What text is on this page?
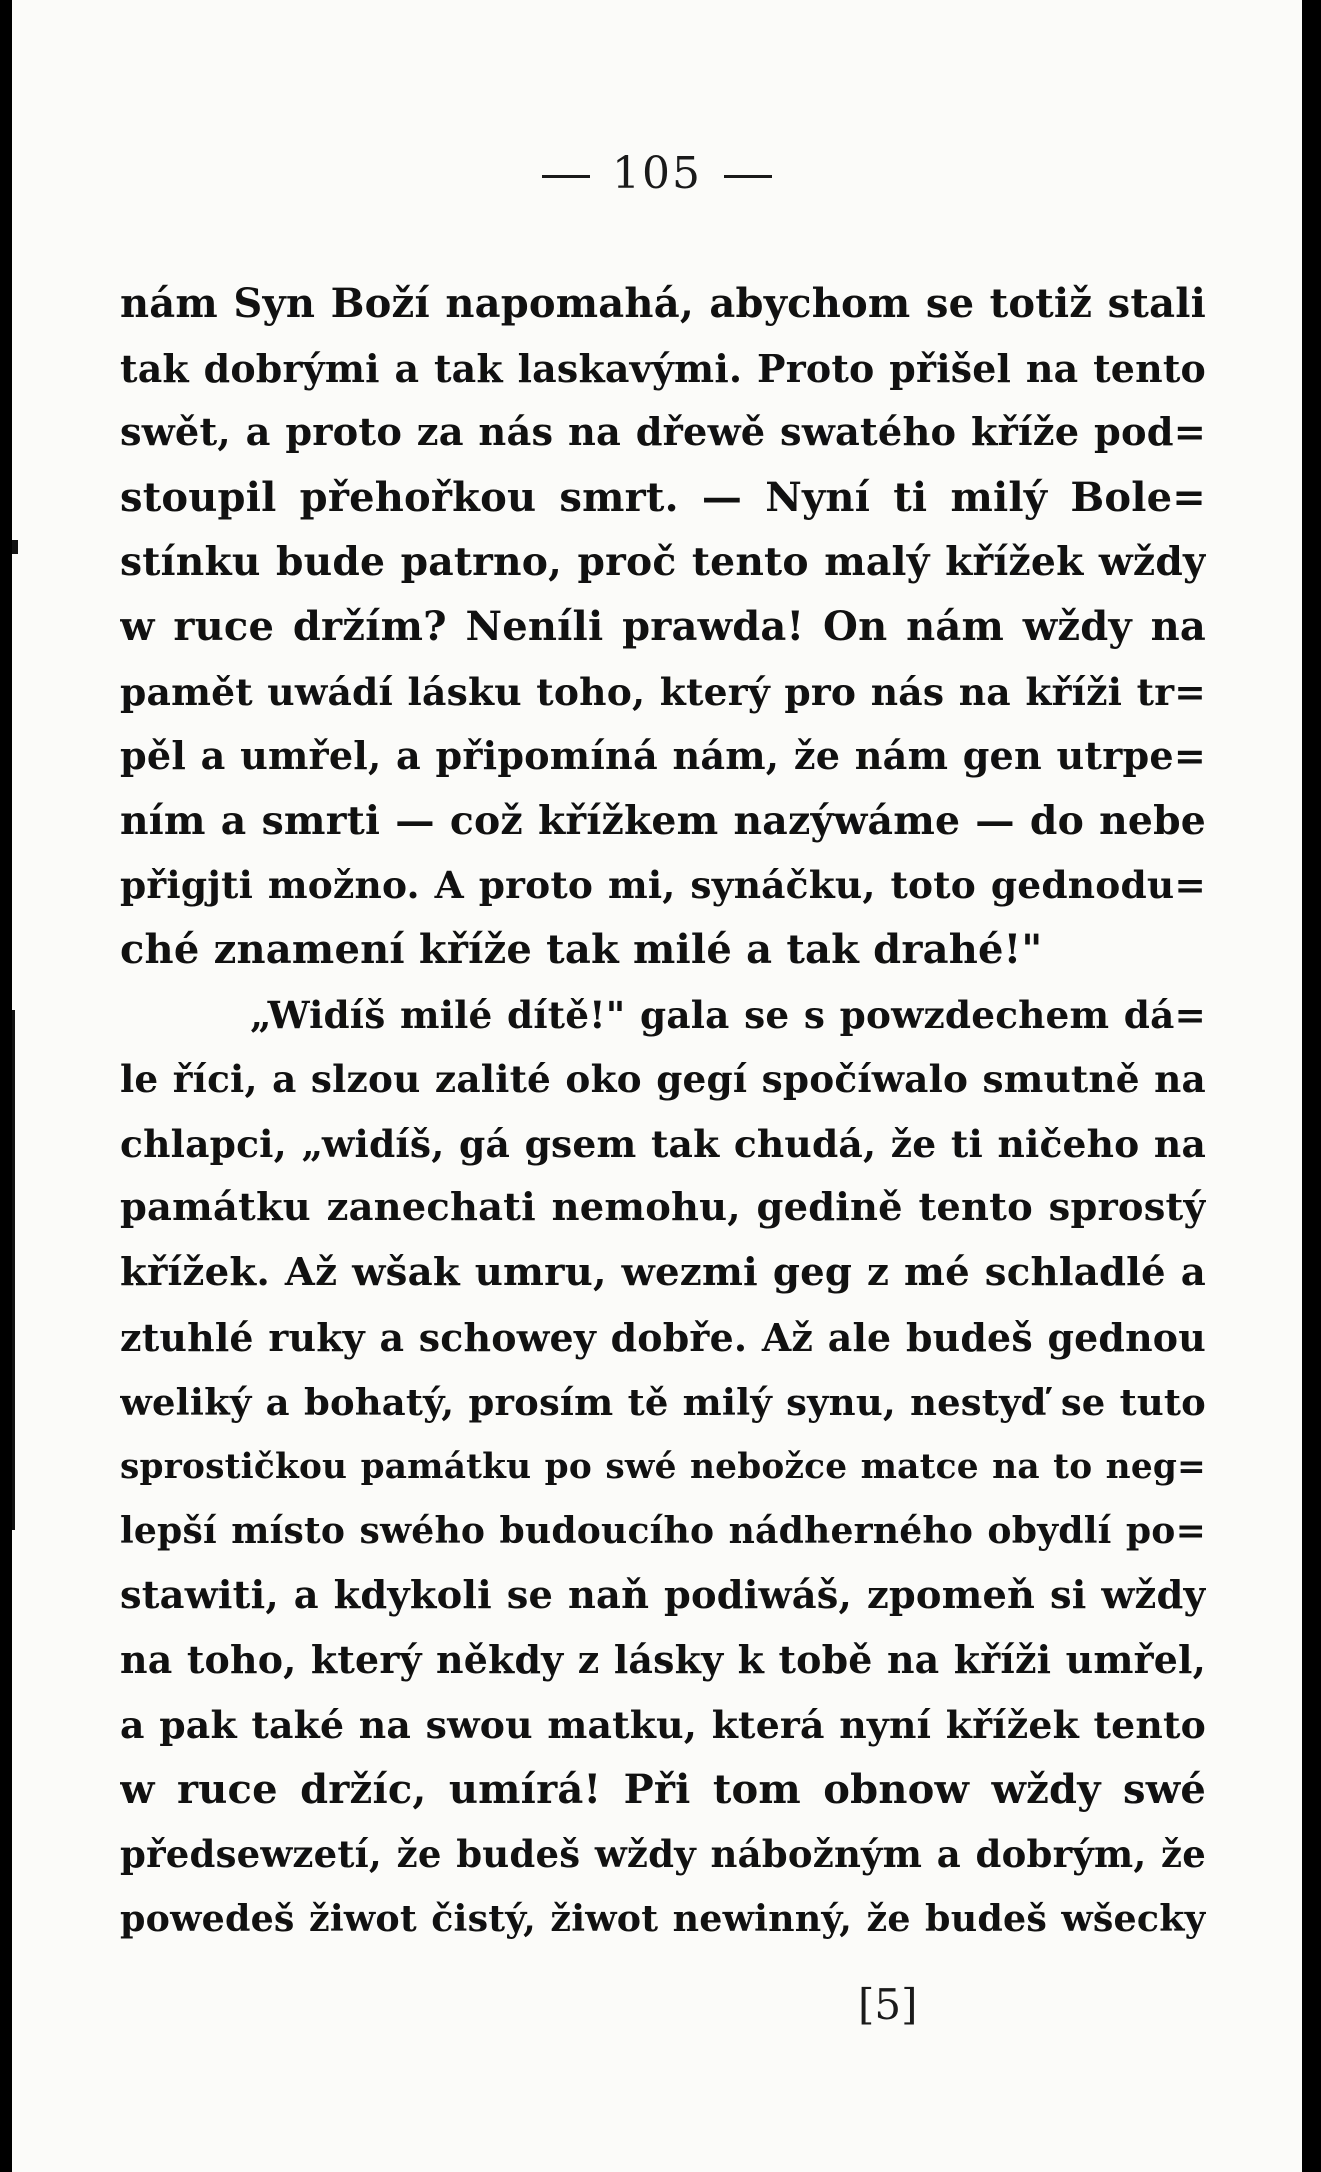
105
nám Syn Boží napomahá, abychom se totiž stali
tak dobrými a tak laskavými. Proto přišel na tento
swět, a proto za nás na dřewě swatého kříže pod=
stoupil přehořkou smrt. — Nyní ti milý Bole=
stínku bude patrno, proč tento malý křížek wždy
w ruce držím? Neníli prawda! On nám wždy na
pamět uwádí lásku toho, který pro nás na kříži tr=
pěl a umřel, a připomíná nám, že nám gen utrpe=
ním a smrti — což křížkem nazýwáme — do nebe
přigjti možno. A proto mi, synáčku, toto gednodu=
ché znamení kříže tak milé a tak drahé!"
„Widíš milé dítě!" gala se s powzdechem dá=
le říci, a slzou zalité oko gegí spočíwalo smutně na
chlapci, „widíš, gá gsem tak chudá, že ti ničeho na
památku zanechati nemohu, gedině tento sprostý
křížek. Až wšak umru, wezmi geg z mé schladlé a
ztuhlé ruky a schowey dobře. Až ale budeš gednou
weliký a bohatý, prosím tě milý synu, nestyď se tuto
sprostičkou památku po swé nebožce matce na to neg=
lepší místo swého budoucího nádherného obydlí po=
stawiti, a kdykoli se naň podiwáš, zpomeň si wždy
na toho, který někdy z lásky k tobě na kříži umřel,
a pak také na swou matku, která nyní křížek tento
w ruce držíc, umírá! Při tom obnow wždy swé
předsewzetí, že budeš wždy nábožným a dobrým, že
powedeš žiwot čistý, žiwot newinný, že budeš wšecky
[5]
